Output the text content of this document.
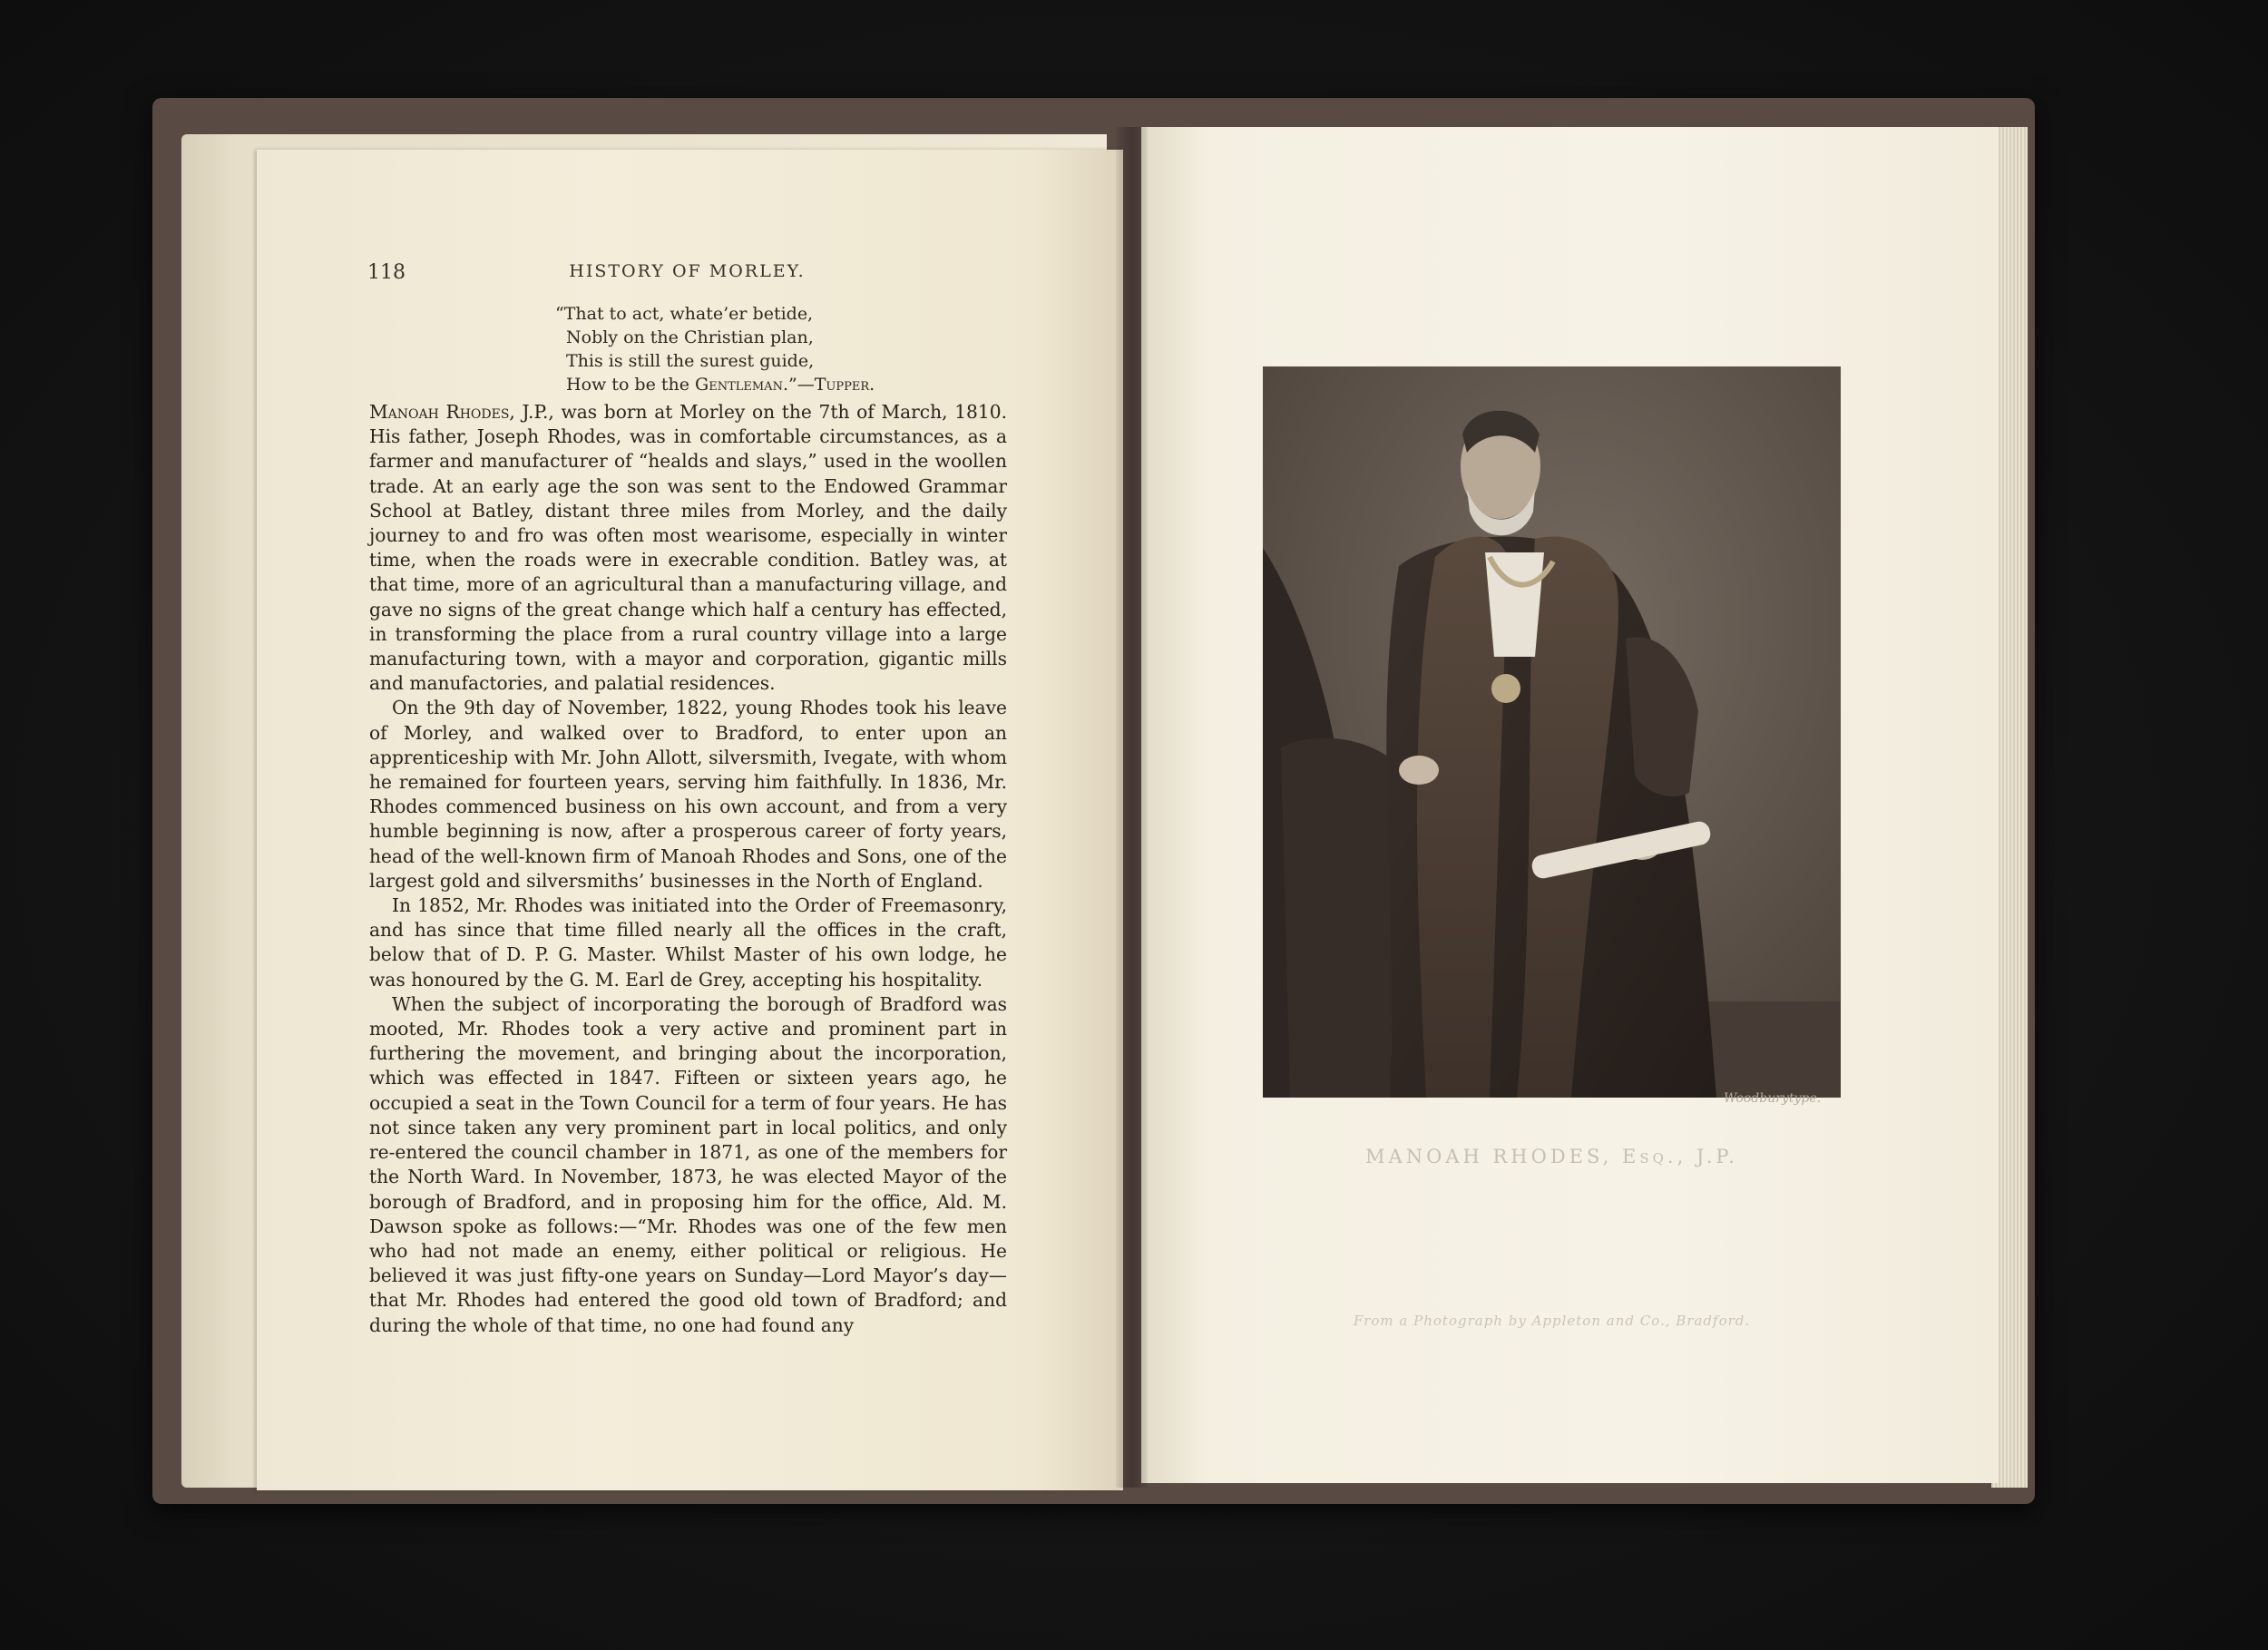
118	HISTORY OF MORLEY.
“That to act, whate’er betide,
Nobly on the Christian plan,
This is still the surest guide,
How to be the Gentleman.”—Tupper.

Manoah Rhodes, J.P., was born at Morley on the 7th of March, 1810. His father, Joseph Rhodes, was in comfortable circumstances, as a farmer and manufacturer of “healds and slays,” used in the woollen trade. At an early age the son was sent to the Endowed Grammar School at Batley, distant three miles from Morley, and the daily journey to and fro was often most wearisome, especially in winter time, when the roads were in execrable condition. Batley was, at that time, more of an agricultural than a manufacturing village, and gave no signs of the great change which half a century has effected, in transforming the place from a rural country village into a large manufacturing town, with a mayor and corporation, gigantic mills and manufactories, and palatial residences.

On the 9th day of November, 1822, young Rhodes took his leave of Morley, and walked over to Bradford, to enter upon an apprenticeship with Mr. John Allott, silversmith, Ivegate, with whom he remained for fourteen years, serving him faithfully. In 1836, Mr. Rhodes commenced business on his own account, and from a very humble beginning is now, after a prosperous career of forty years, head of the well-known firm of Manoah Rhodes and Sons, one of the largest gold and silversmiths’ businesses in the North of England.

In 1852, Mr. Rhodes was initiated into the Order of Freemasonry, and has since that time filled nearly all the offices in the craft, below that of D. P. G. Master. Whilst Master of his own lodge, he was honoured by the G. M. Earl de Grey, accepting his hospitality.

When the subject of incorporating the borough of Bradford was mooted, Mr. Rhodes took a very active and prominent part in furthering the movement, and bringing about the incorporation, which was effected in 1847. Fifteen or sixteen years ago, he occupied a seat in the Town Council for a term of four years. He has not since taken any very prominent part in local politics, and only re-entered the council chamber in 1871, as one of the members for the North Ward. In November, 1873, he was elected Mayor of the borough of Bradford, and in proposing him for the office, Ald. M. Dawson spoke as follows:—“Mr. Rhodes was one of the few men who had not made an enemy, either political or religious. He believed it was just fifty-one years on Sunday—Lord Mayor’s day—that Mr. Rhodes had entered the good old town of Bradford; and during the whole of that time, no one had found any

Woodburytype.
MANOAH RHODES, Esq., J.P.
From a Photograph by Appleton and Co., Bradford.
